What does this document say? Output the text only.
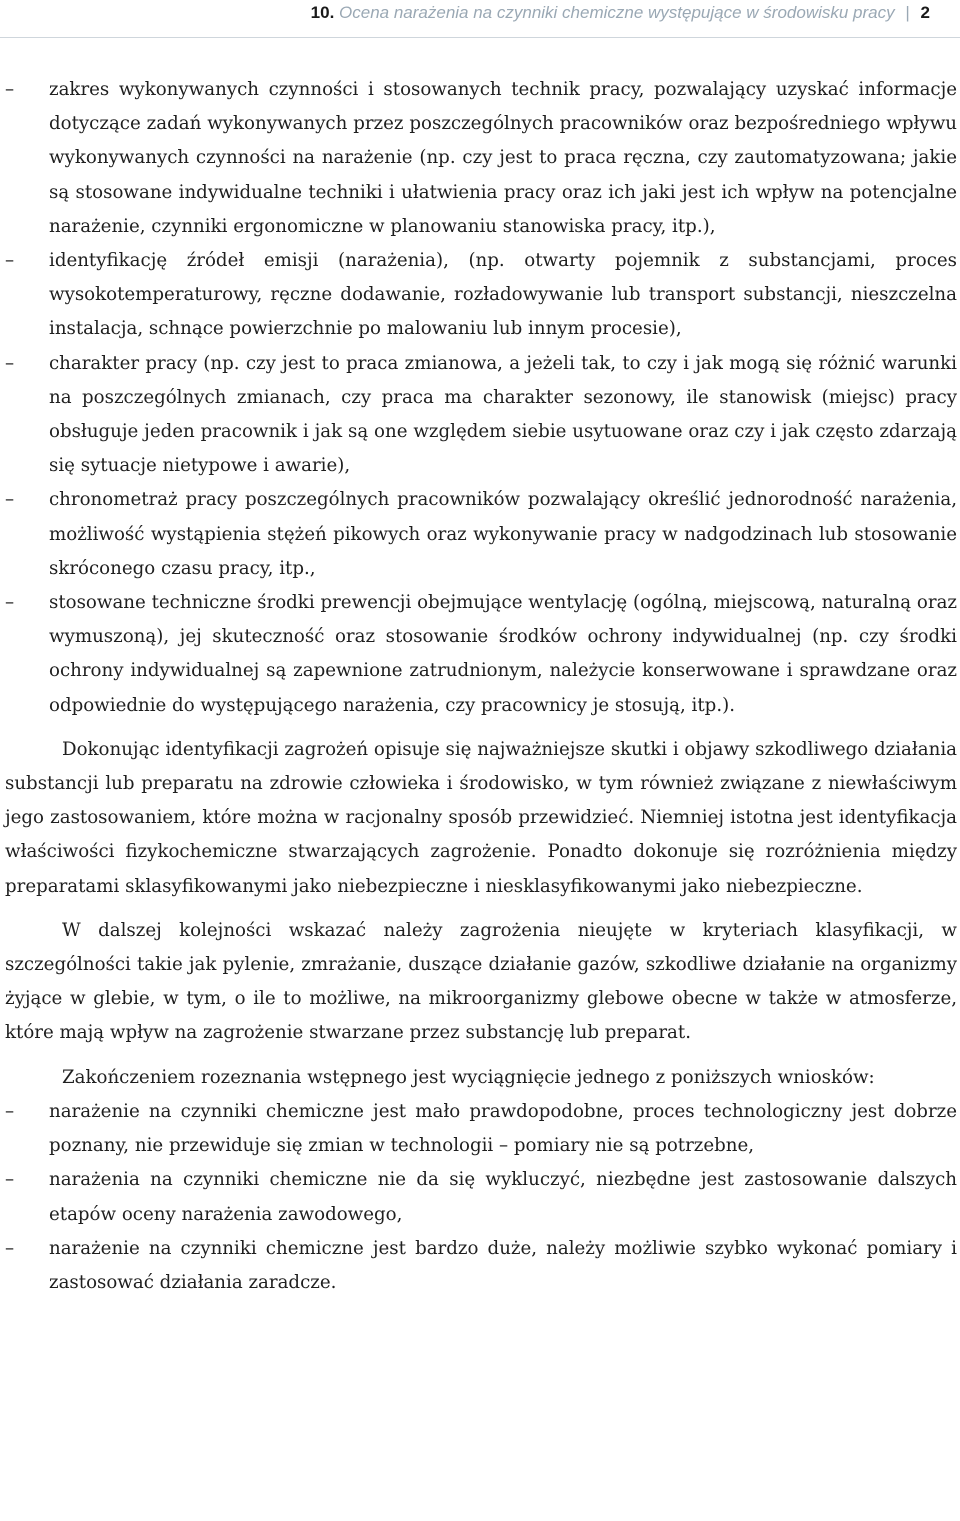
10. Ocena narażenia na czynniki chemiczne występujące w środowisku pracy | 2
–	zakres wykonywanych czynności i stosowanych technik pracy, pozwalający uzyskać informacje dotyczące zadań wykonywanych przez poszczególnych pracowników oraz bezpośredniego wpływu wykonywanych czynności na narażenie (np. czy jest to praca ręczna, czy zautomatyzowana; jakie są stosowane indywidualne techniki i ułatwienia pracy oraz ich jaki jest ich wpływ na potencjalne narażenie, czynniki ergonomiczne w planowaniu stanowiska pracy, itp.),
–	identyfikację źródeł emisji (narażenia), (np. otwarty pojemnik z substancjami, proces wysokotemperaturowy, ręczne dodawanie, rozładowywanie lub transport substancji, nieszczelna instalacja, schnące powierzchnie po malowaniu lub innym procesie),
–	charakter pracy (np. czy jest to praca zmianowa, a jeżeli tak, to czy i jak mogą się różnić warunki na poszczególnych zmianach, czy praca ma charakter sezonowy, ile stanowisk (miejsc) pracy obsługuje jeden pracownik i jak są one względem siebie usytuowane oraz czy i jak często zdarzają się sytuacje nietypowe i awarie),
–	chronometraż pracy poszczególnych pracowników pozwalający określić jednorodność narażenia, możliwość wystąpienia stężeń pikowych oraz wykonywanie pracy w nadgodzinach lub stosowanie skróconego czasu pracy, itp.,
–	stosowane techniczne środki prewencji obejmujące wentylację (ogólną, miejscową, naturalną oraz wymuszoną), jej skuteczność oraz stosowanie środków ochrony indywidualnej (np. czy środki ochrony indywidualnej są zapewnione zatrudnionym, należycie konserwowane i sprawdzane oraz odpowiednie do występującego narażenia, czy pracownicy je stosują, itp.).

Dokonując identyfikacji zagrożeń opisuje się najważniejsze skutki i objawy szkodliwego działania substancji lub preparatu na zdrowie człowieka i środowisko, w tym również związane z niewłaściwym jego zastosowaniem, które można w racjonalny sposób przewidzieć. Niemniej istotna jest identyfikacja właściwości fizykochemiczne stwarzających zagrożenie. Ponadto dokonuje się rozróżnienia między preparatami sklasyfikowanymi jako niebezpieczne i niesklasyfikowanymi jako niebezpieczne.

W dalszej kolejności wskazać należy zagrożenia nieujęte w kryteriach klasyfikacji, w szczególności takie jak pylenie, zmrażanie, duszące działanie gazów, szkodliwe działanie na organizmy żyjące w glebie, w tym, o ile to możliwe, na mikroorganizmy glebowe obecne w także w atmosferze, które mają wpływ na zagrożenie stwarzane przez substancję lub preparat.

Zakończeniem rozeznania wstępnego jest wyciągnięcie jednego z poniższych wniosków:

–	narażenie na czynniki chemiczne jest mało prawdopodobne, proces technologiczny jest dobrze poznany, nie przewiduje się zmian w technologii – pomiary nie są potrzebne,
–	narażenia na czynniki chemiczne nie da się wykluczyć, niezbędne jest zastosowanie dalszych etapów oceny narażenia zawodowego,
–	narażenie na czynniki chemiczne jest bardzo duże, należy możliwie szybko wykonać pomiary i zastosować działania zaradcze.
